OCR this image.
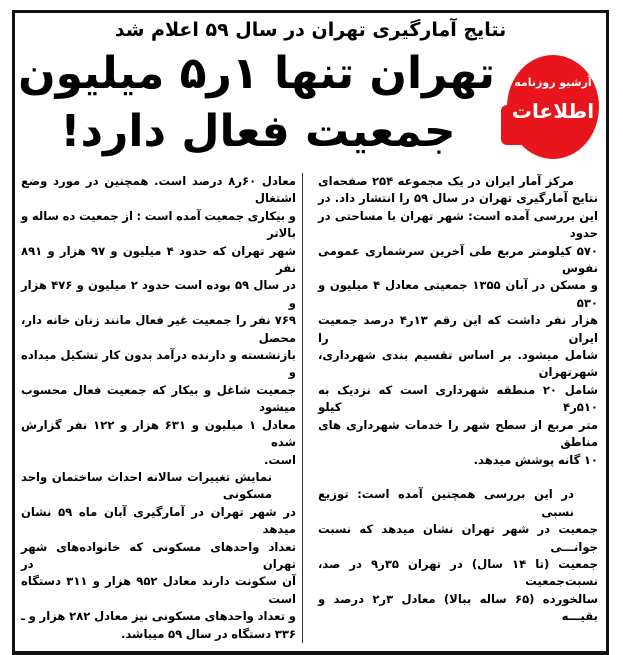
نتایج آمارگیری تهران در سال ۵۹ اعلام شد
تهران تنها ۱ر۵ میلیون
جمعیت فعال دارد!
آرشیو روزنامه
اطلاعات
مرکز آمار ایران در یک مجموعه ۲۵۴ صفحه‌ای
نتایج آمارگیری تهران در سال ۵۹ را انتشار داد. در
این بررسی آمده است: شهر تهران با مساحتی در حدود
۵۷۰ کیلومتر مربع طی آخرین سرشماری عمومی نفوس
و مسکن در آبان ۱۳۵۵ جمعیتی معادل ۴ میلیون و ۵۳۰
هزار نفر داشت که این رقم ۱۳ر۴ درصد جمعیت ایران را
شامل میشود. بر اساس تقسیم بندی شهرداری، شهرتهران
شامل ۲۰ منطقه شهرداری است که نزدیک به ۵۱۰ر۴ کیلو
متر مربع از سطح شهر را خدمات شهرداری های مناطق
۱۰ گانه پوشش میدهد.
در این بررسی همچنین آمده است: توزیع نسبی
جمعیت در شهر تهران نشان میدهد که نسبت جوانـــی
جمعیت (تا ۱۴ سال) در تهران ۳۵ر۹ در صد، نسبت‌جمعیت
سالخورده (۶۵ ساله ببالا) معادل ۳ر۲ درصد و بقیـــه
معادل ۶۰ر۸ درصد است. همچنین در مورد وضع اشتغال
و بیکاری جمعیت آمده است : از جمعیت ده ساله و بالاتر
شهر تهران که حدود ۴ میلیون و ۹۷ هزار و ۸۹۱ نفر
در سال ۵۹ بوده است حدود ۲ میلیون و ۴۷۶ هزار و
۷۶۹ نفر را جمعیت غیر فعال مانند زنان خانه دار، محصل
بازنشسته و دارنده درآمد بدون کار تشکیل میداده و
جمعیت شاغل و بیکار که جمعیت فعال محسوب میشود
معادل ۱ میلیون و ۶۳۱ هزار و ۱۲۲ نفر گزارش شده
است.
نمایش تغییرات سالانه احداث ساختمان واحد مسکونی
در شهر تهران در آمارگیری آبان ماه ۵۹ نشان میدهد
تعداد واحدهای مسکونی که خانواده‌های شهر تهران در
آن سکونت دارند معادل ۹۵۲ هزار و ۳۱۱ دستگاه است
و تعداد واحدهای مسکونی نیز معادل ۲۸۲ هزار و ـ
۳۳۶ دستگاه در سال ۵۹ میباشد.
